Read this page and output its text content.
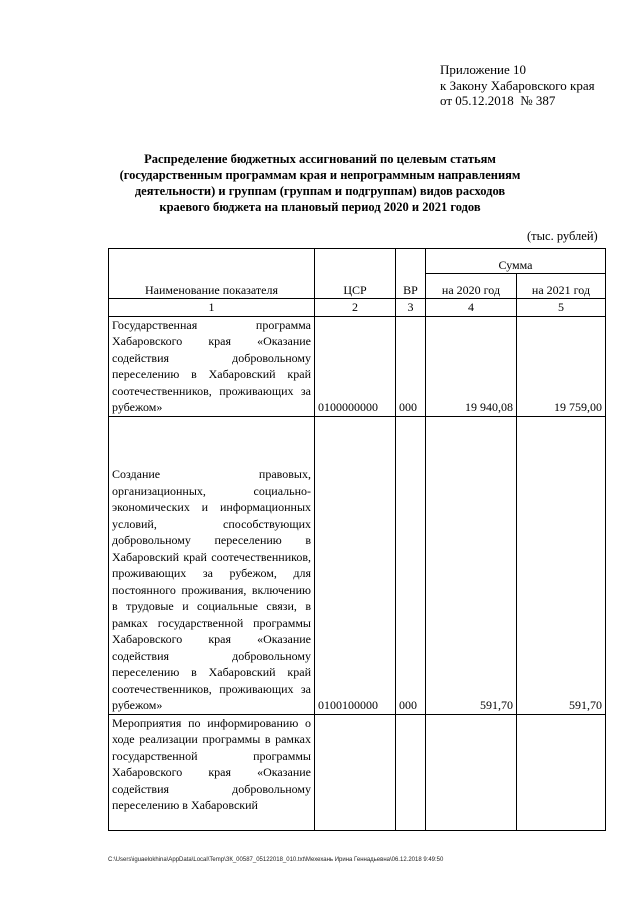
Приложение 10
к Закону Хабаровского края
от 05.12.2018  № 387
Распределение бюджетных ассигнований по целевым статьям (государственным программам края и непрограммным направлениям деятельности) и группам (группам и подгруппам) видов расходов краевого бюджета на плановый период 2020 и 2021 годов
(тыс. рублей)
Наименование показателя	ЦСР	ВР	Сумма	
			на 2020 год	на 2021 год
1	2	3	4	5
Государственная программа Хабаровского края «Оказание содействия добровольному переселению в Хабаровский край соотечественников, проживающих за рубежом»	0100000000	000	19 940,08	19 759,00
Создание правовых, организационных, социально-экономических и информационных условий, способствующих добровольному переселению в Хабаровский край соотечественников, проживающих за рубежом, для постоянного проживания, включению в трудовые и социальные связи, в рамках государственной программы Хабаровского края «Оказание содействия добровольному переселению в Хабаровский край соотечественников, проживающих за рубежом»	0100100000	000	591,70	591,70
Мероприятия по информированию о ходе реализации программы в рамках государственной программы Хабаровского края «Оказание содействия добровольному переселению в Хабаровский				
C:\Users\iguaelokhina\AppData\Local\Temp\ЗК_00587_05122018_010.txt\Мехехань Ирина Геннадьевна\06.12.2018 9:49:50
